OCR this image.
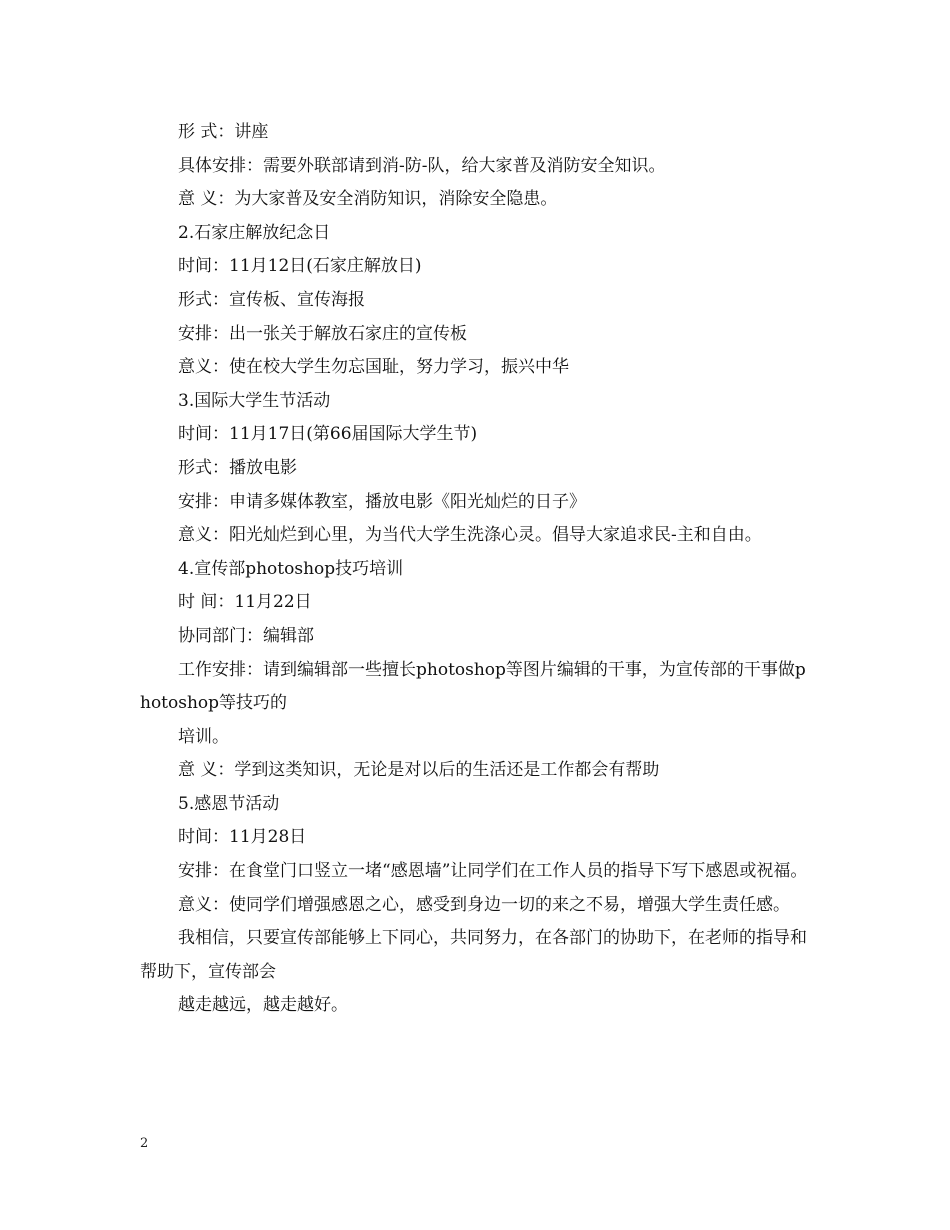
形 式：讲座

具体安排：需要外联部请到消-防-队，给大家普及消防安全知识。

意 义：为大家普及安全消防知识，消除安全隐患。

2.石家庄解放纪念日

时间：11月12日(石家庄解放日)

形式：宣传板、宣传海报

安排：出一张关于解放石家庄的宣传板

意义：使在校大学生勿忘国耻，努力学习，振兴中华

3.国际大学生节活动

时间：11月17日(第66届国际大学生节)

形式：播放电影

安排：申请多媒体教室，播放电影《阳光灿烂的日子》

意义：阳光灿烂到心里，为当代大学生洗涤心灵。倡导大家追求民-主和自由。

4.宣传部photoshop技巧培训

时 间：11月22日

协同部门：编辑部

工作安排：请到编辑部一些擅长photoshop等图片编辑的干事，为宣传部的干事做photoshop等技巧的

培训。

意 义：学到这类知识，无论是对以后的生活还是工作都会有帮助

5.感恩节活动

时间：11月28日

安排：在食堂门口竖立一堵“感恩墙”让同学们在工作人员的指导下写下感恩或祝福。

意义：使同学们增强感恩之心，感受到身边一切的来之不易，增强大学生责任感。

我相信，只要宣传部能够上下同心，共同努力，在各部门的协助下，在老师的指导和帮助下，宣传部会

越走越远，越走越好。

2
